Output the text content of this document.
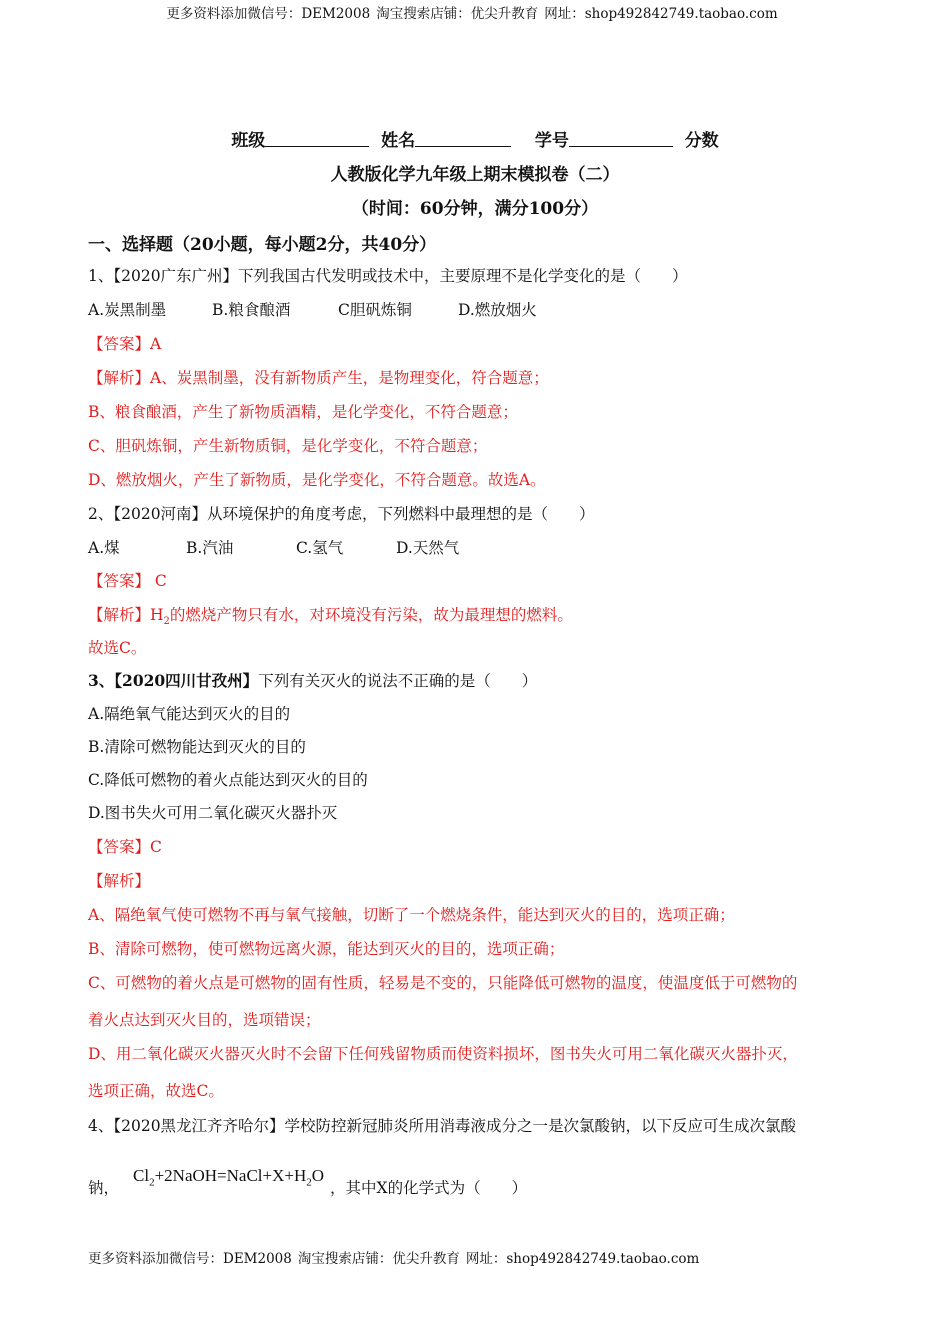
更多资料添加微信号：DEM2008 淘宝搜索店铺：优尖升教育 网址：shop492842749.taobao.com
班级	姓名	学号	分数
人教版化学九年级上期末模拟卷（二）
（时间：60分钟，满分100分）
一、选择题（20小题，每小题2分，共40分）
1、【2020广东广州】下列我国古代发明或技术中，主要原理不是化学变化的是（　　）
A.炭黑制墨	B.粮食酿酒	C胆矾炼铜	D.燃放烟火
【答案】A
【解析】A、炭黑制墨，没有新物质产生，是物理变化，符合题意；
B、粮食酿酒，产生了新物质酒精，是化学变化，不符合题意；
C、胆矾炼铜，产生新物质铜，是化学变化，不符合题意；
D、燃放烟火，产生了新物质，是化学变化，不符合题意。故选A。
2、【2020河南】从环境保护的角度考虑，下列燃料中最理想的是（　　）
A.煤	B.汽油	C.氢气	D.天然气
【答案】 C
【解析】$H_2$的燃烧产物只有水，对环境没有污染，故为最理想的燃料。
故选C。
3、【2020四川甘孜州】下列有关灭火的说法不正确的是（　　）
A.隔绝氧气能达到灭火的目的
B.清除可燃物能达到灭火的目的
C.降低可燃物的着火点能达到灭火的目的
D.图书失火可用二氧化碳灭火器扑灭
【答案】C
【解析】
A、隔绝氧气使可燃物不再与氧气接触，切断了一个燃烧条件，能达到灭火的目的，选项正确；
B、清除可燃物，使可燃物远离火源，能达到灭火的目的，选项正确；
C、可燃物的着火点是可燃物的固有性质，轻易是不变的，只能降低可燃物的温度，使温度低于可燃物的
着火点达到灭火目的，选项错误；
D、用二氧化碳灭火器灭火时不会留下任何残留物质而使资料损坏，图书失火可用二氧化碳灭火器扑灭，
选项正确，故选C。
4、【2020黑龙江齐齐哈尔】学校防控新冠肺炎所用消毒液成分之一是次氯酸钠，以下反应可生成次氯酸
钠，$Cl_2+2NaOH=NaCl+X+H_2O$，其中X的化学式为（　　）
更多资料添加微信号：DEM2008 淘宝搜索店铺：优尖升教育 网址：shop492842749.taobao.com
